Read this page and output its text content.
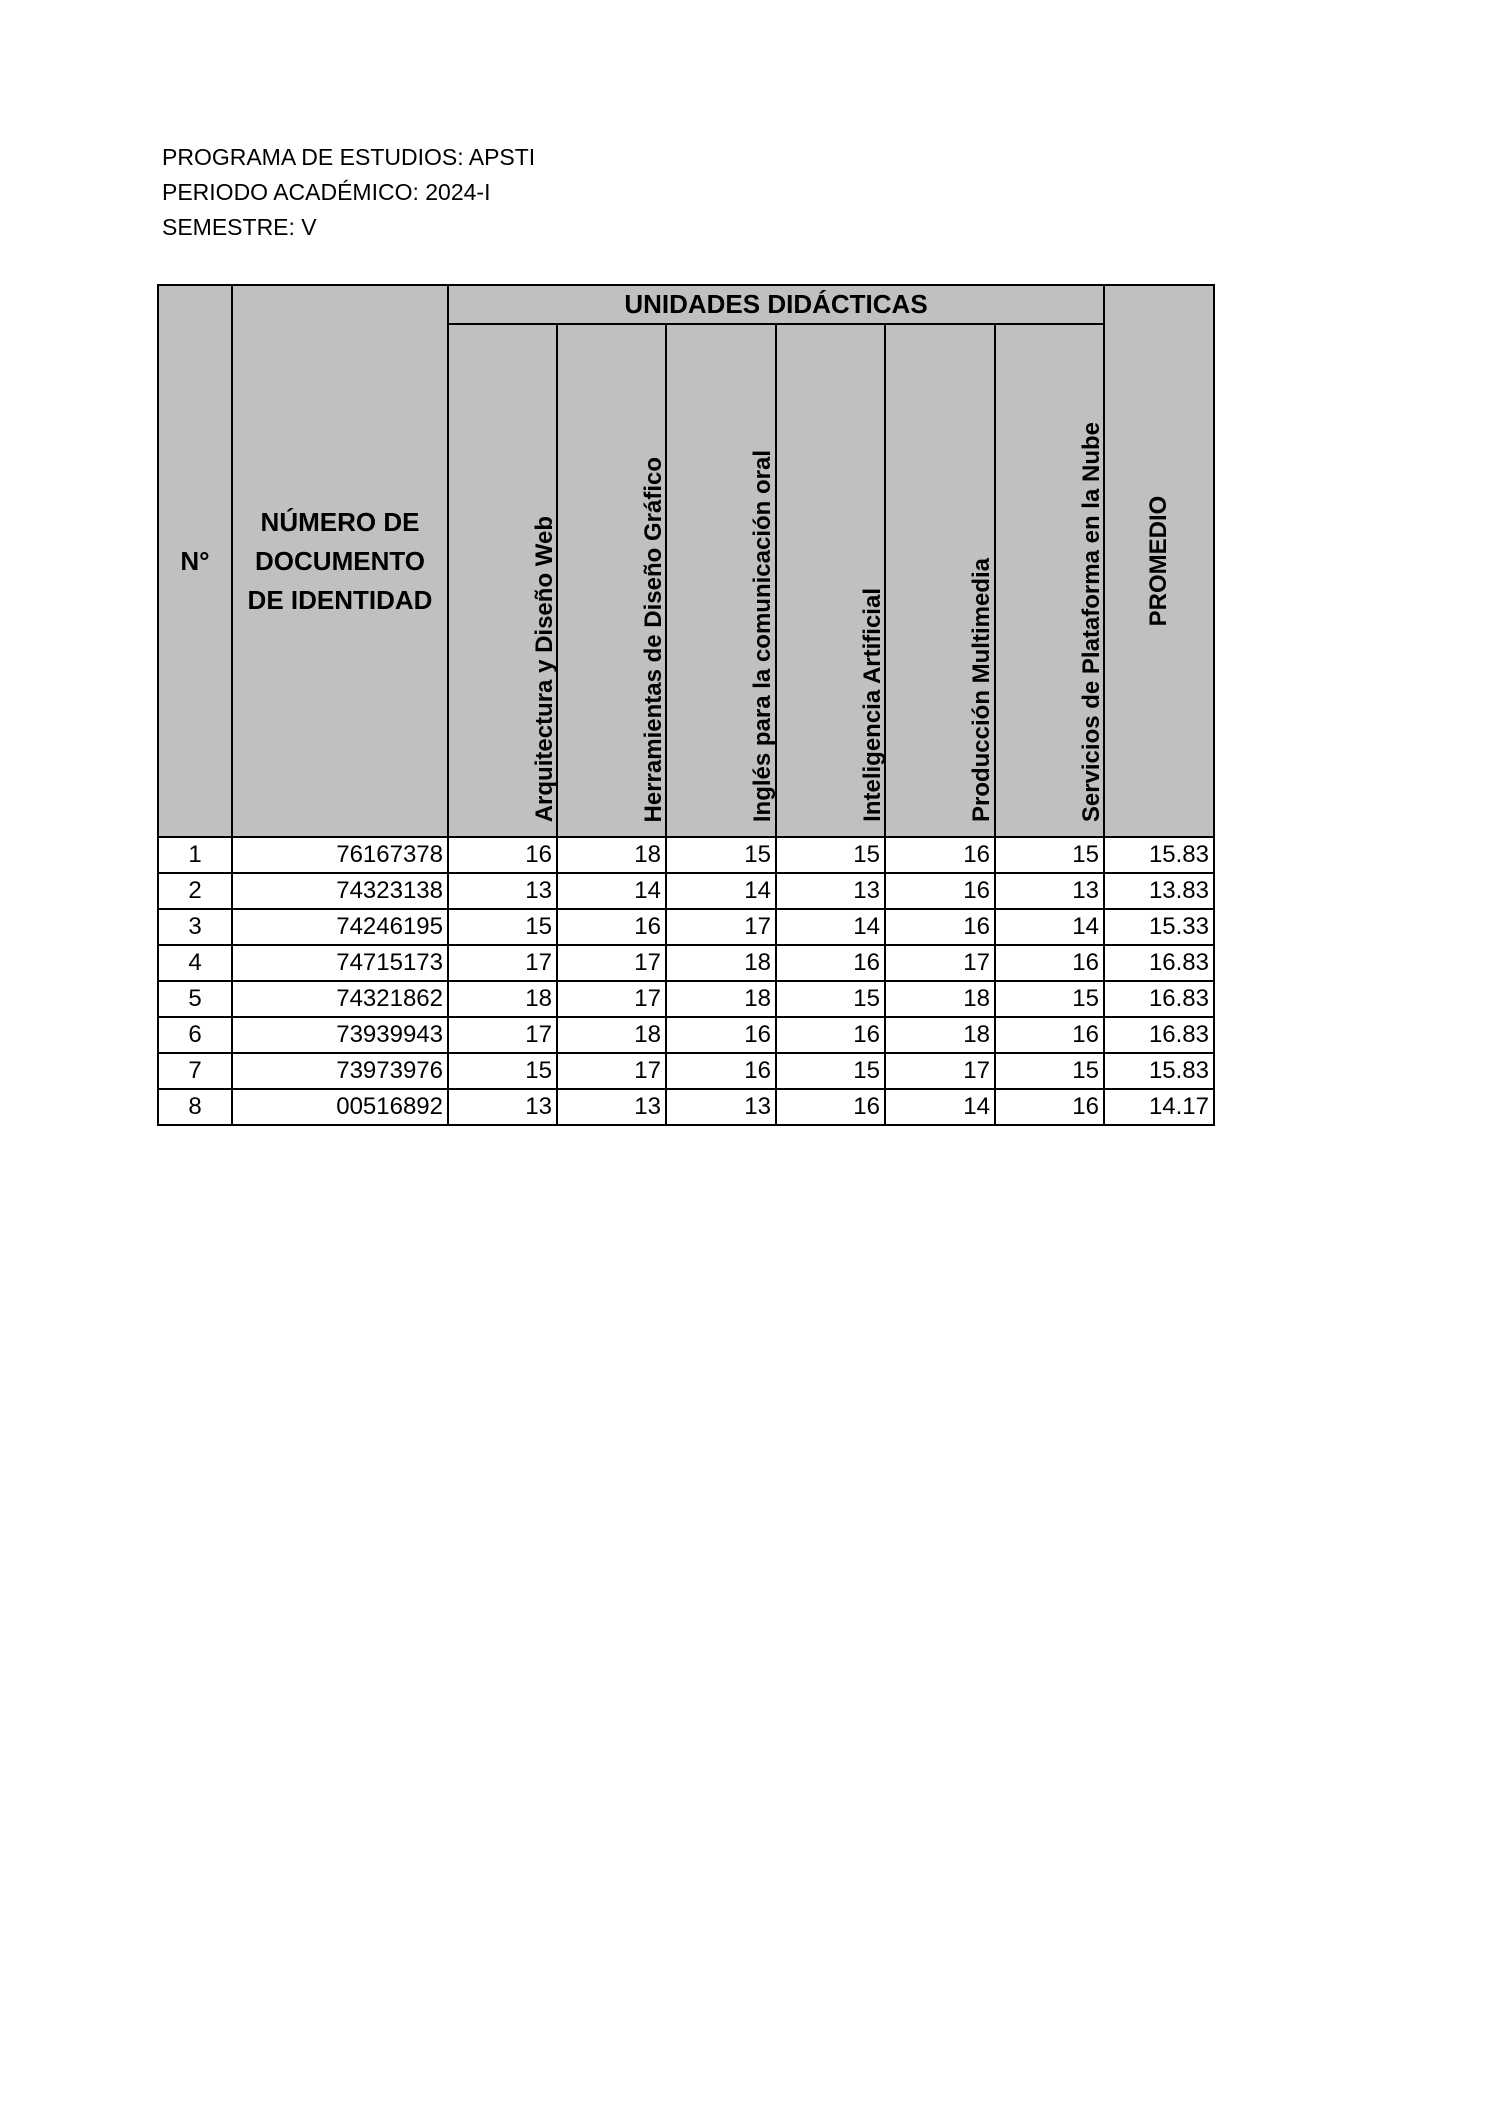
PROGRAMA DE ESTUDIOS: APSTI
PERIODO ACADÉMICO: 2024-I
SEMESTRE: V
N°	NÚMERO DE
DOCUMENTO
DE IDENTIDAD	UNIDADES DIDÁCTICAS						PROMEDIO

		Arquitectura y Diseño Web	Herramientas de Diseño Gráfico	Inglés para la comunicación oral	Inteligencia Artificial	Producción Multimedia	Servicios de Plataforma en la Nube	

1	76167378	16	18	15	15	16	15	15.83
2	74323138	13	14	14	13	16	13	13.83
3	74246195	15	16	17	14	16	14	15.33
4	74715173	17	17	18	16	17	16	16.83
5	74321862	18	17	18	15	18	15	16.83
6	73939943	17	18	16	16	18	16	16.83
7	73973976	15	17	16	15	17	15	15.83
8	00516892	13	13	13	16	14	16	14.17
